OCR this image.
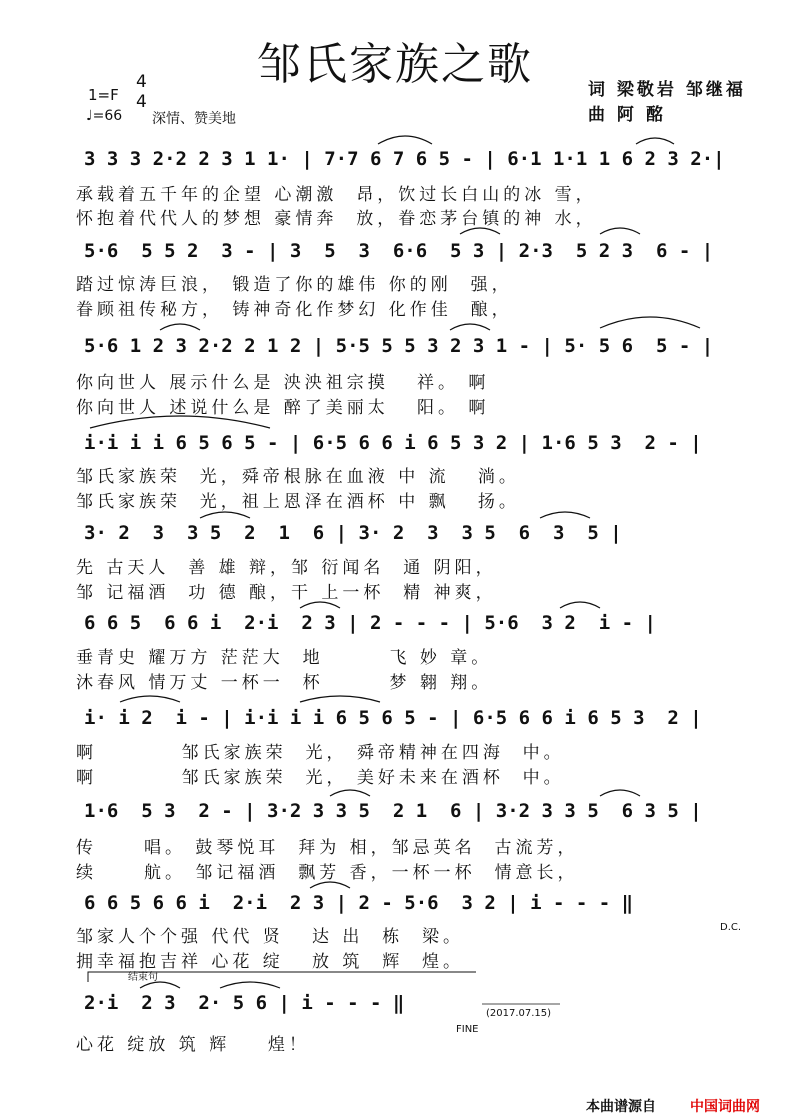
邹氏家族之歌	词 梁敬岩 邹继福
曲 阿 酩
1=F
4
4
♩=66 深情、赞美地
3 3 3 2·2 2 3 1 1· | 7·7 6 7 6 5 - | 6·1 1·1 1 6 2 3 2·|
承载着五千年的企望 心潮激  昂，饮过长白山的冰 雪，
怀抱着代代人的梦想 豪情奔  放，眷恋茅台镇的神 水，
5·6  5 5 2  3 - | 3  5  3  6·6  5 3 | 2·3  5 2 3  6 - |
踏过惊涛巨浪， 锻造了你的雄伟 你的刚  强，
眷顾祖传秘方， 铸神奇化作梦幻 化作佳  酿，
5·6 1 2 3 2·2 2 1 2 | 5·5 5 5 3 2 3 1 - | 5· 5 6  5 - |
你向世人 展示什么是 泱泱祖宗摸   祥。 啊
你向世人 述说什么是 醉了美丽太   阳。 啊
i·i i i 6 5 6 5 - | 6·5 6 6 i 6 5 3 2 | 1·6 5 3  2 - |
邹氏家族荣  光，舜帝根脉在血液 中 流   淌。
邹氏家族荣  光，祖上恩泽在酒杯 中 飘   扬。
3· 2  3  3 5  2  1  6 | 3· 2  3  3 5  6  3  5 |
先 古天人  善 雄 辩，邹 衍闻名  通 阴阳，
邹 记福酒  功 德 酿，干 上一杯  精 神爽，
6 6 5  6 6 i  2·i  2 3 | 2 - - - | 5·6  3 2  i - |
垂青史 耀万方 茫茫大  地       飞 妙 章。
沐春风 情万丈 一杯一  杯       梦 翱 翔。
i· i 2  i - | i·i i i 6 5 6 5 - | 6·5 6 6 i 6 5 3  2 |
啊         邹氏家族荣  光， 舜帝精神在四海  中。
啊         邹氏家族荣  光， 美好未来在酒杯  中。
1·6  5 3  2 - | 3·2 3 3 5  2 1  6 | 3·2 3 3 5  6 3 5 |
传     唱。 鼓琴悦耳  拜为 相，邹忌英名  古流芳，
续     航。 邹记福酒  飘芳 香，一杯一杯  情意长，
6 6 5 6 6 i  2·i  2 3 | 2 - 5·6  3 2 | i - - - ‖
邹家人个个强 代代 贤   达 出  栋  梁。
拥幸福抱吉祥 心花 绽   放 筑  辉  煌。
D.C.
结束句
2·i  2 3  2· 5 6 | i - - - ‖
FINE
(2017.07.15)
心花 绽放 筑 辉    煌！
本曲谱源自 中国词曲网
